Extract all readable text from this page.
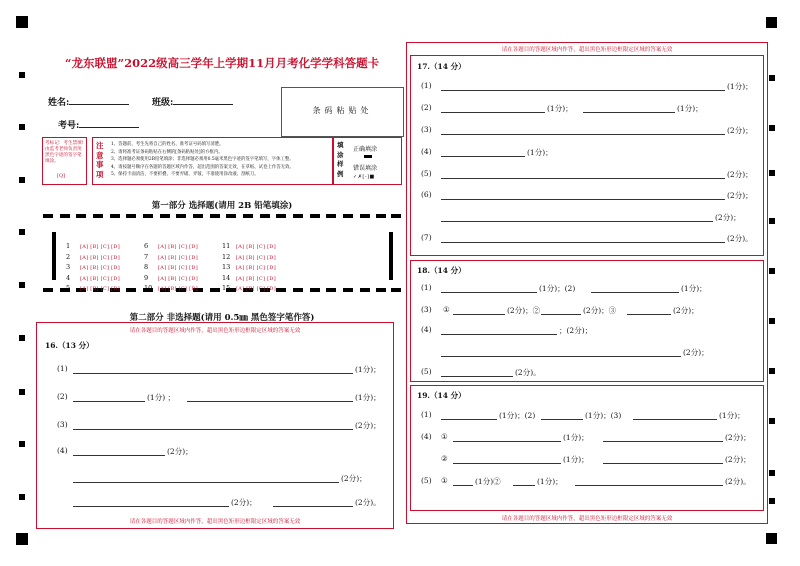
“龙东联盟”2022级高三学年上学期11月月考化学学科答题卡
姓名:	班级:
考号:
条码粘贴处
考标记：考生禁填!由监考老师负责用黑色字迹的签字笔填涂。
[Q]
注意事项
1、答题前，考生先将自己的姓名、准考证号码填写清楚。
2、请将准考证条码粘贴在右侧的[条码粘贴处]的方框内。
3、选择题必须使用2B铅笔填涂；非选择题必须用0.5毫米黑色字迹的签字笔填写，字体工整。
4、请按题号顺序在各题的答题区域内作答，超出范围的答案无效，在草纸、试卷上作答无效。
5、保持卡面清洁，不要折叠、不要弄破、弄皱，不准使用涂改液、刮纸刀。
填涂样例
正确填涂
错误填涂
✓✗[-]■
第一部分 选择题(请用 2B 铅笔填涂)
1 [A] [B] [C] [D]
2 [A] [B] [C] [D]
3 [A] [B] [C] [D]
4 [A] [B] [C] [D]
5 [A] [B] [C] [D]
6 [A] [B] [C] [D]
7 [A] [B] [C] [D]
8 [A] [B] [C] [D]
9 [A] [B] [C] [D]
10 [A] [B] [C] [D]
11 [A] [B] [C] [D]
12 [A] [B] [C] [D]
13 [A] [B] [C] [D]
14 [A] [B] [C] [D]
15 [A] [B] [C] [D]
第二部分 非选择题(请用 0.5㎜ 黑色签字笔作答)
请在各题目的答题区域内作答，超出黑色矩形边框限定区域的答案无效
请在各题目的答题区域内作答，超出黑色矩形边框限定区域的答案无效
16.（13 分）
(1)	(1分)；
(2)	(1分) ；	(1分)；
(3)	(2分)；
(4)	(2分)；
(2分)；
(2分)；	(2分)。
请在各题目的答题区域内作答，超出黑色矩形边框限定区域的答案无效
请在各题目的答题区域内作答，超出黑色矩形边框限定区域的答案无效
17.（14 分）
(1)	(1分)；
(2)	(1分)；	(1分)；
(3)	(2分)；
(4)	(1分)；
(5)	(2分)；
(6)	(2分)；
(2分)；
(7)	(2分)。
18.（14 分）
(1)	(1分)；(2)	(1分)；
(3) ①	(2分)；②	(2分)；③	(2分)；
(4)	；(2分)；
(2分)；
(5)	(2分)。
19.（14 分）
(1)	(1分)；(2)	(1分)；(3)	(1分)；
(4) ①	(1分)；	(2分)；
②	(1分)；	(2分)；
(5) ①	(1分)②	(1分)；	(2分)。
